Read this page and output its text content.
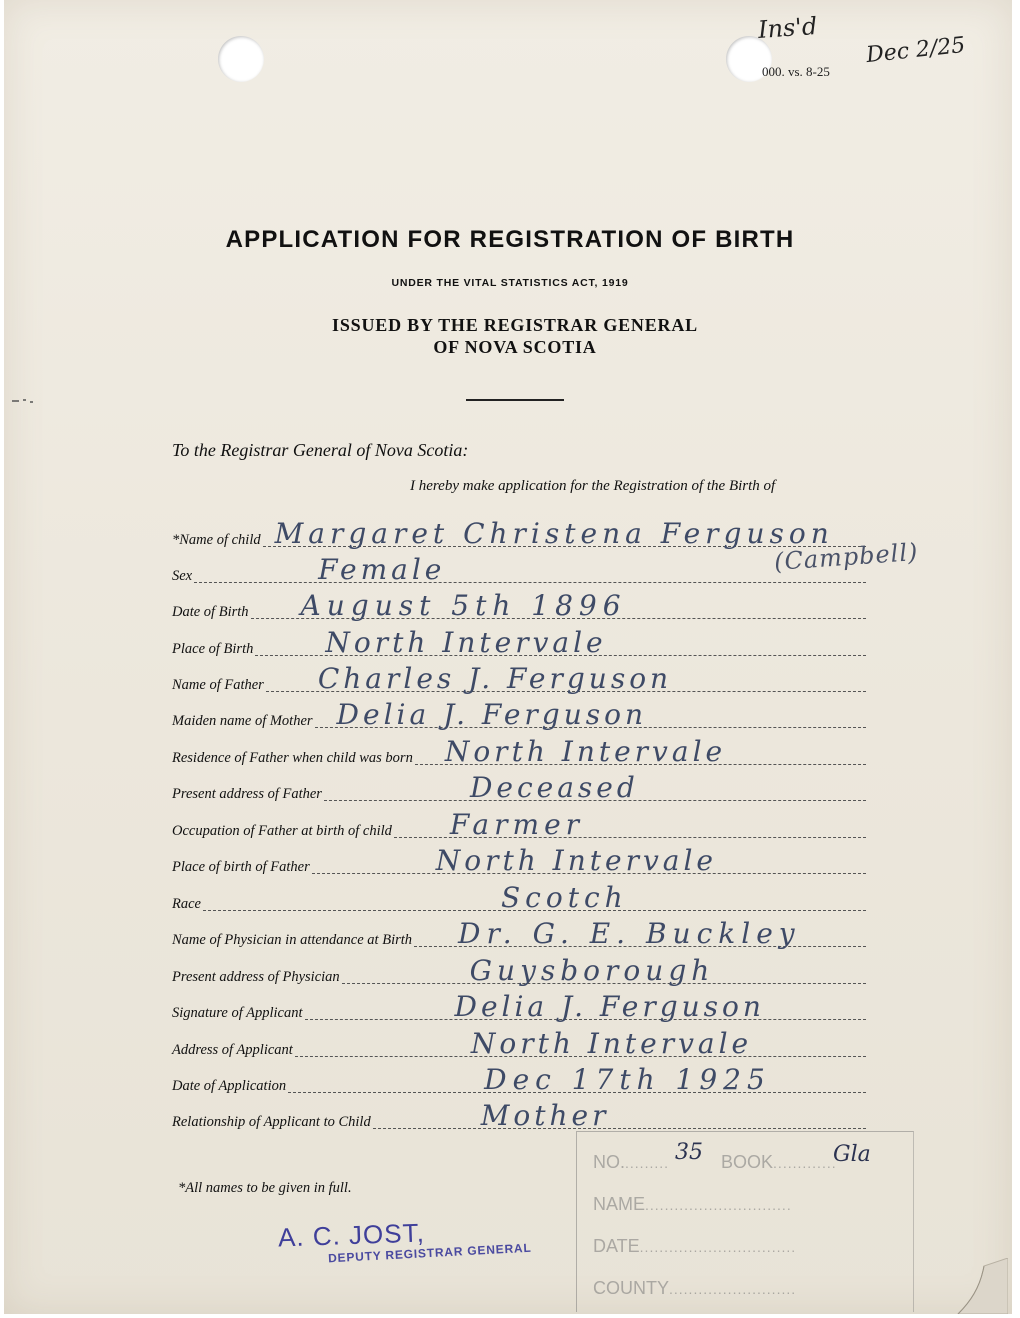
Ins'd
Dec 2/25
000. vs. 8-25
APPLICATION FOR REGISTRATION OF BIRTH
UNDER THE VITAL STATISTICS ACT, 1919
ISSUED BY THE REGISTRAR GENERAL
OF NOVA SCOTIA
To the Registrar General of Nova Scotia:
I hereby make application for the Registration of the Birth of
*Name of child Margaret Christena Ferguson
(Campbell)
Sex	Female
Date of Birth August 5th 1896
Place of Birth	North Intervale
Name of Father Charles J. Ferguson
Maiden name of Mother Delia J. Ferguson
Residence of Father when child was born North Intervale
Present address of Father	Deceased
Occupation of Father at birth of child Farmer
Place of birth of Father	North Intervale
Race	Scotch
Name of Physician in attendance at Birth Dr. G. E. Buckley
Present address of Physician	Guysborough
Signature of Applicant	Delia J. Ferguson
Address of Applicant	North Intervale
Date of Application	Dec 17th 1925
Relationship of Applicant to Child	Mother
*All names to be given in full.
A. C. JOST,
DEPUTY REGISTRAR GENERAL
NO..........	BOOK.............
35	Gla
NAME..............................
DATE................................
COUNTY..........................
